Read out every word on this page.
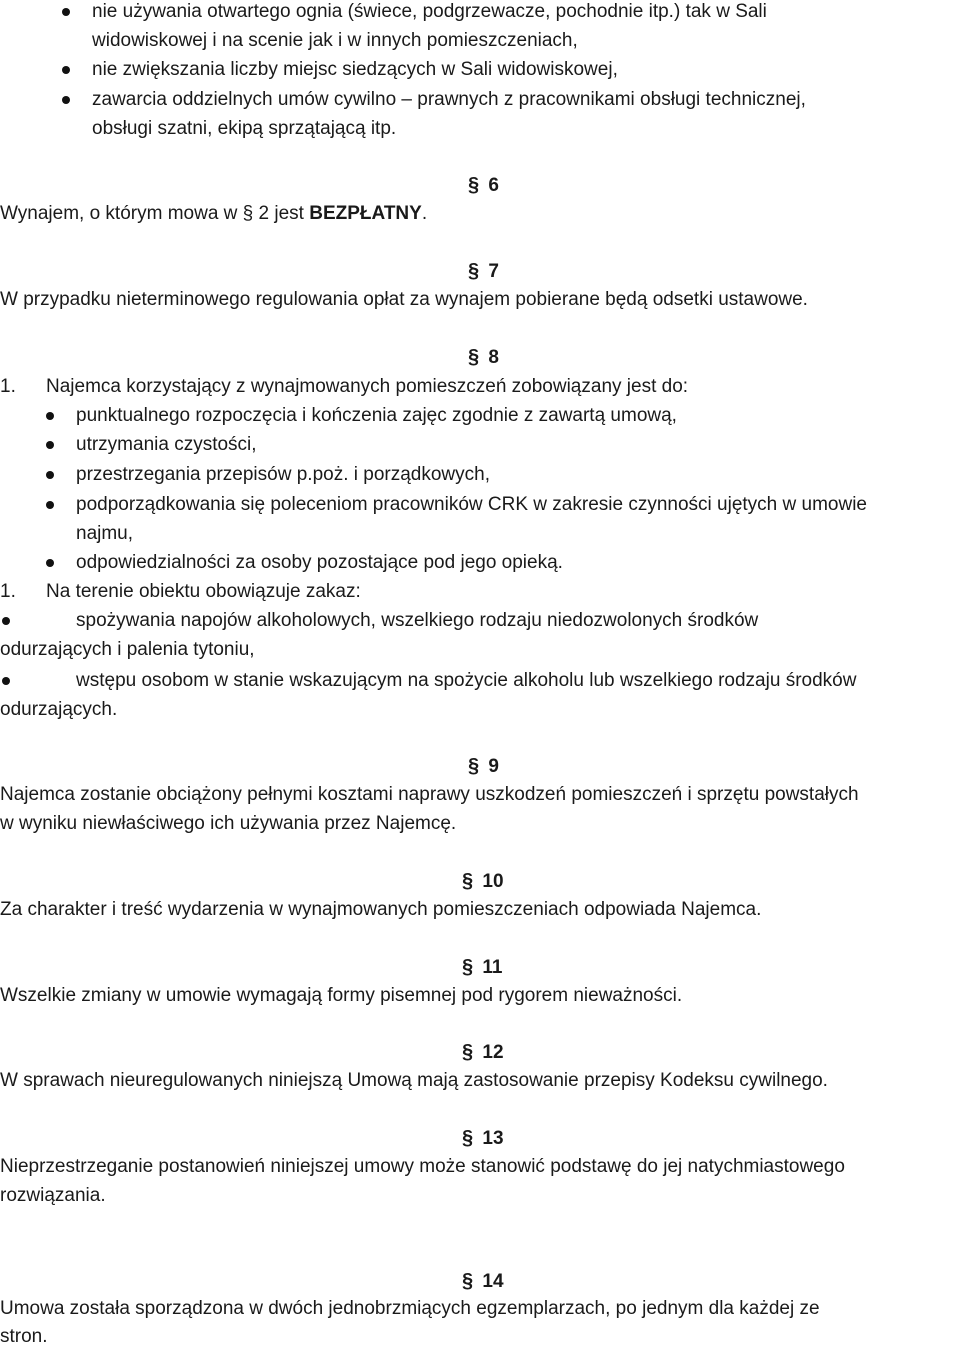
nie używania otwartego ognia (świece, podgrzewacze, pochodnie itp.) tak w Sali
widowiskowej i na scenie jak i w innych pomieszczeniach,
nie zwiększania liczby miejsc siedzących w Sali widowiskowej,
zawarcia oddzielnych umów cywilno – prawnych z pracownikami obsługi technicznej,
obsługi szatni, ekipą sprzątającą itp.
§ 6
Wynajem, o którym mowa w § 2 jest BEZPŁATNY.
§ 7
W przypadku nieterminowego regulowania opłat za wynajem pobierane będą odsetki ustawowe.
§ 8
1. Najemca korzystający z wynajmowanych pomieszczeń zobowiązany jest do:
punktualnego rozpoczęcia i kończenia zajęc zgodnie z zawartą umową,
utrzymania czystości,
przestrzegania przepisów p.poż. i porządkowych,
podporządkowania się poleceniom pracowników CRK w zakresie czynności ujętych w umowie
najmu,
odpowiedzialności za osoby pozostające pod jego opieką.
1. Na terenie obiektu obowiązuje zakaz:
spożywania napojów alkoholowych, wszelkiego rodzaju niedozwolonych środków
odurzających i palenia tytoniu,
wstępu osobom w stanie wskazującym na spożycie alkoholu lub wszelkiego rodzaju środków
odurzających.
§ 9
Najemca zostanie obciążony pełnymi kosztami naprawy uszkodzeń pomieszczeń i sprzętu powstałych
w wyniku niewłaściwego ich używania przez Najemcę.
§ 10
Za charakter i treść wydarzenia w wynajmowanych pomieszczeniach odpowiada Najemca.
§ 11
Wszelkie zmiany w umowie wymagają formy pisemnej pod rygorem nieważności.
§ 12
W sprawach nieuregulowanych niniejszą Umową mają zastosowanie przepisy Kodeksu cywilnego.
§ 13
Nieprzestrzeganie postanowień niniejszej umowy może stanowić podstawę do jej natychmiastowego
rozwiązania.
§ 14
Umowa została sporządzona w dwóch jednobrzmiących egzemplarzach, po jednym dla każdej ze
stron.
